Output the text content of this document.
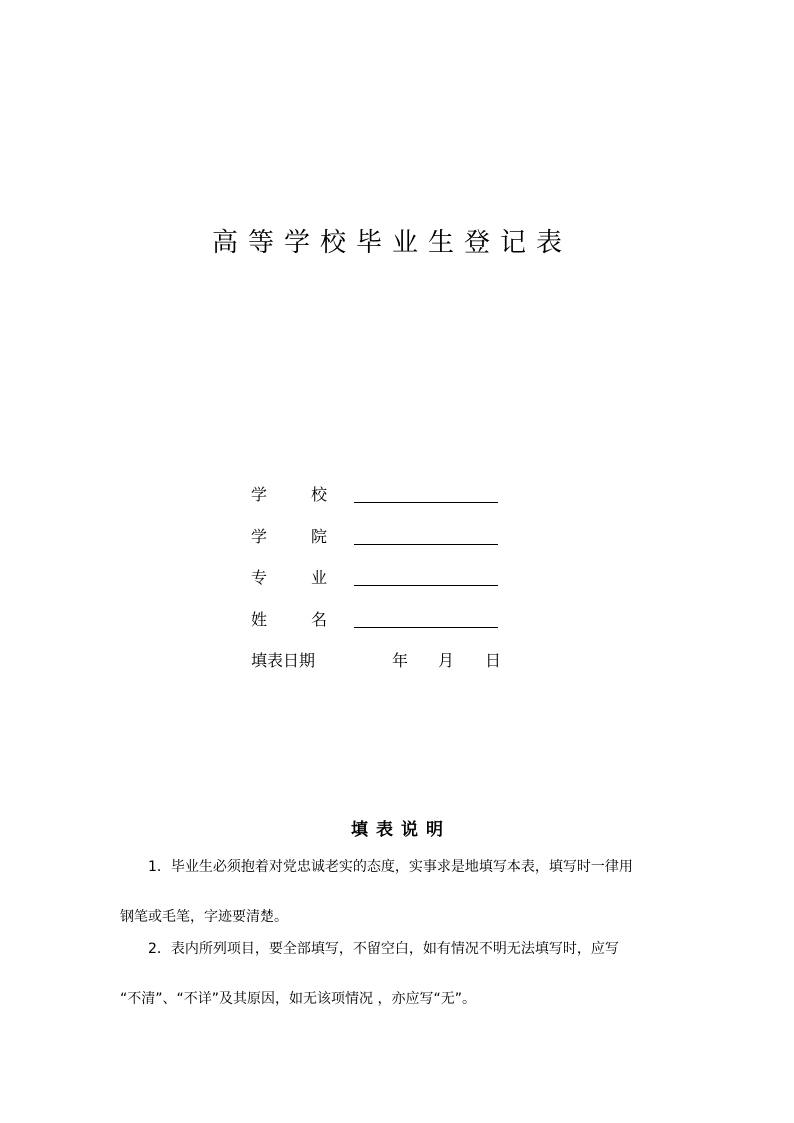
高等学校毕业生登记表
学校
学院
专业
姓名
填表日期	年 月 日
填表说明

1．毕业生必须抱着对党忠诚老实的态度，实事求是地填写本表，填写时一律用

钢笔或毛笔，字迹要清楚。

2．表内所列项目，要全部填写，不留空白，如有情况不明无法填写时，应写

“不清”、“不详”及其原因，如无该项情况 ，亦应写“无”。
